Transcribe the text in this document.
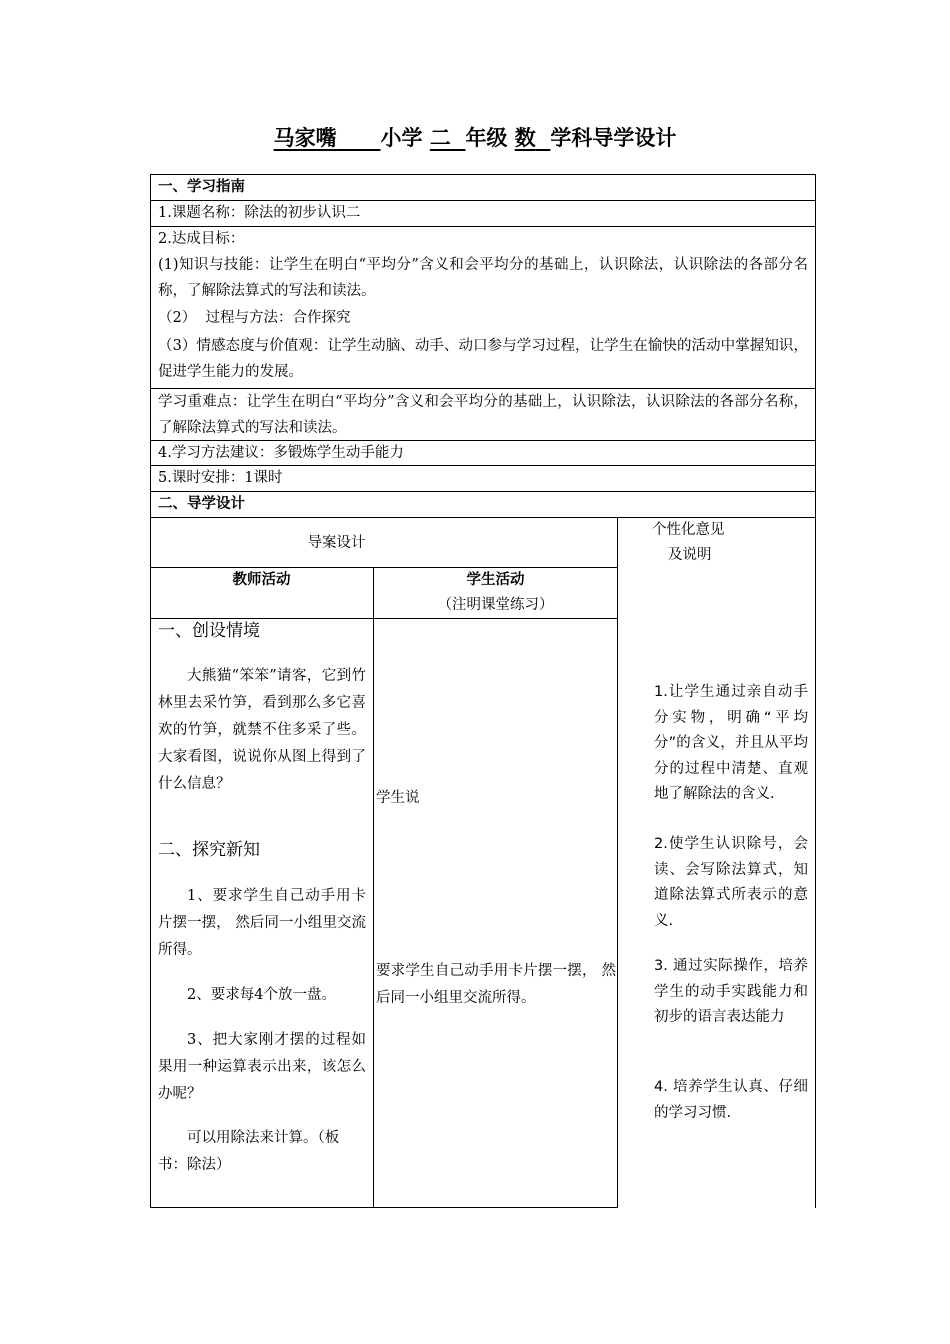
马家嘴 小学 二 年级 数 学科导学设计
一、学习指南
1.课题名称：除法的初步认识二
2.达成目标：
(1)知识与技能：让学生在明白“平均分”含义和会平均分的基础上，认识除法，认识除法的各部分名称，了解除法算式的写法和读法。
（2）  过程与方法：合作探究
（3）情感态度与价值观：让学生动脑、动手、动口参与学习过程，让学生在愉快的活动中掌握知识，促进学生能力的发展。
学习重难点：让学生在明白“平均分”含义和会平均分的基础上，认识除法，认识除法的各部分名称，了解除法算式的写法和读法。
4.学习方法建议：多锻炼学生动手能力
5.课时安排：1课时
二、导学设计
导案设计
个性化意见
及说明
教师活动	学生活动
（注明课堂练习）
一、创设情境
大熊猫“笨笨”请客，它到竹林里去采竹笋，看到那么多它喜欢的竹笋，就禁不住多采了些。大家看图，说说你从图上得到了什么信息？
二、探究新知
1、要求学生自己动手用卡片摆一摆， 然后同一小组里交流所得。
2、要求每4个放一盘。
3、把大家刚才摆的过程如果用一种运算表示出来，该怎么办呢？
可以用除法来计算。（板书：除法）
学生说
要求学生自己动手用卡片摆一摆， 然后同一小组里交流所得。
1.让学生通过亲自动手分实物，明确“平均分”的含义，并且从平均分的过程中清楚、直观地了解除法的含义.
2.使学生认识除号，会读、会写除法算式，知道除法算式所表示的意义.
3. 通过实际操作，培养学生的动手实践能力和初步的语言表达能力
4. 培养学生认真、仔细的学习习惯.
